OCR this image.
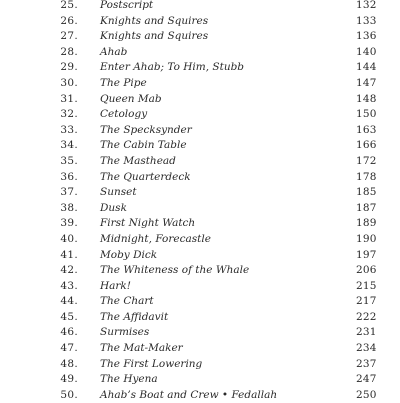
25. Postscript	132
26. Knights and Squires	133
27. Knights and Squires	136
28. Ahab	140
29. Enter Ahab; To Him, Stubb	144
30. The Pipe	147
31. Queen Mab	148
32. Cetology	150
33. The Specksynder	163
34. The Cabin Table	166
35. The Masthead	172
36. The Quarterdeck	178
37. Sunset	185
38. Dusk	187
39. First Night Watch	189
40. Midnight, Forecastle	190
41. Moby Dick	197
42. The Whiteness of the Whale	206
43. Hark!	215
44. The Chart	217
45. The Affidavit	222
46. Surmises	231
47. The Mat-Maker	234
48. The First Lowering	237
49. The Hyena	247
50. Ahab’s Boat and Crew • Fedallah	250
